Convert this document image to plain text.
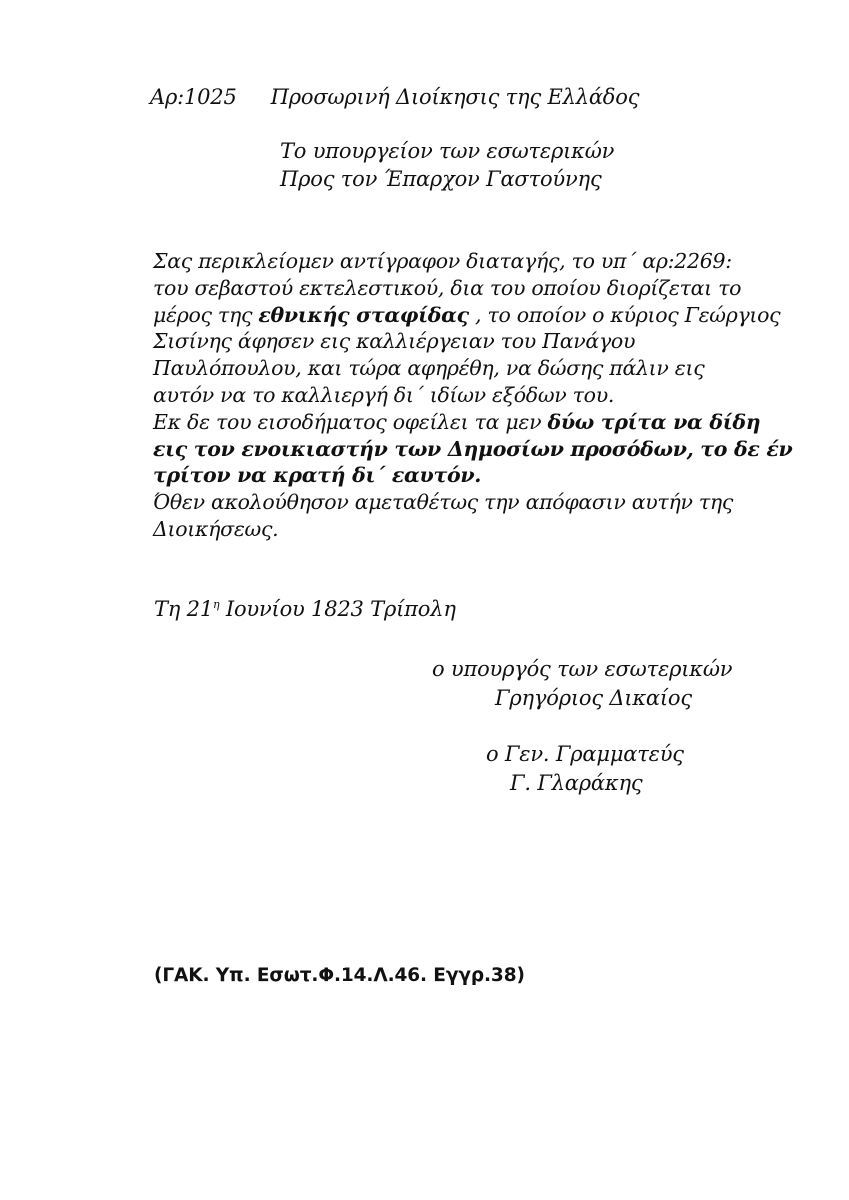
Αρ:1025 Προσωρινή Διοίκησις της Ελλάδος
Το υπουργείον των εσωτερικών
Προς τον Έπαρχον Γαστούνης
Σας περικλείομεν αντίγραφον διαταγής, το υπ΄ αρ:2269:
του σεβαστού εκτελεστικού, δια του οποίου διορίζεται το
μέρος της εθνικής σταφίδας , το οποίον ο κύριος Γεώργιος
Σισίνης άφησεν εις καλλιέργειαν του Πανάγου
Παυλόπουλου, και τώρα αφηρέθη, να δώσης πάλιν εις
αυτόν να το καλλιεργή δι΄ ιδίων εξόδων του.
Εκ δε του εισοδήματος οφείλει τα μεν δύω τρίτα να δίδη
εις τον ενοικιαστήν των Δημοσίων προσόδων, το δε έν
τρίτον να κρατή δι΄ εαυτόν.
Όθεν ακολούθησον αμεταθέτως την απόφασιν αυτήν της
Διοικήσεως.
Τη $21^\eta$ Ιουνίου 1823 Τρίπολη
ο υπουργός των εσωτερικών
Γρηγόριος Δικαίος
ο Γεν. Γραμματεύς
Γ. Γλαράκης
(ΓΑΚ. Υπ. Εσωτ.Φ.14.Λ.46. Εγγρ.38)
